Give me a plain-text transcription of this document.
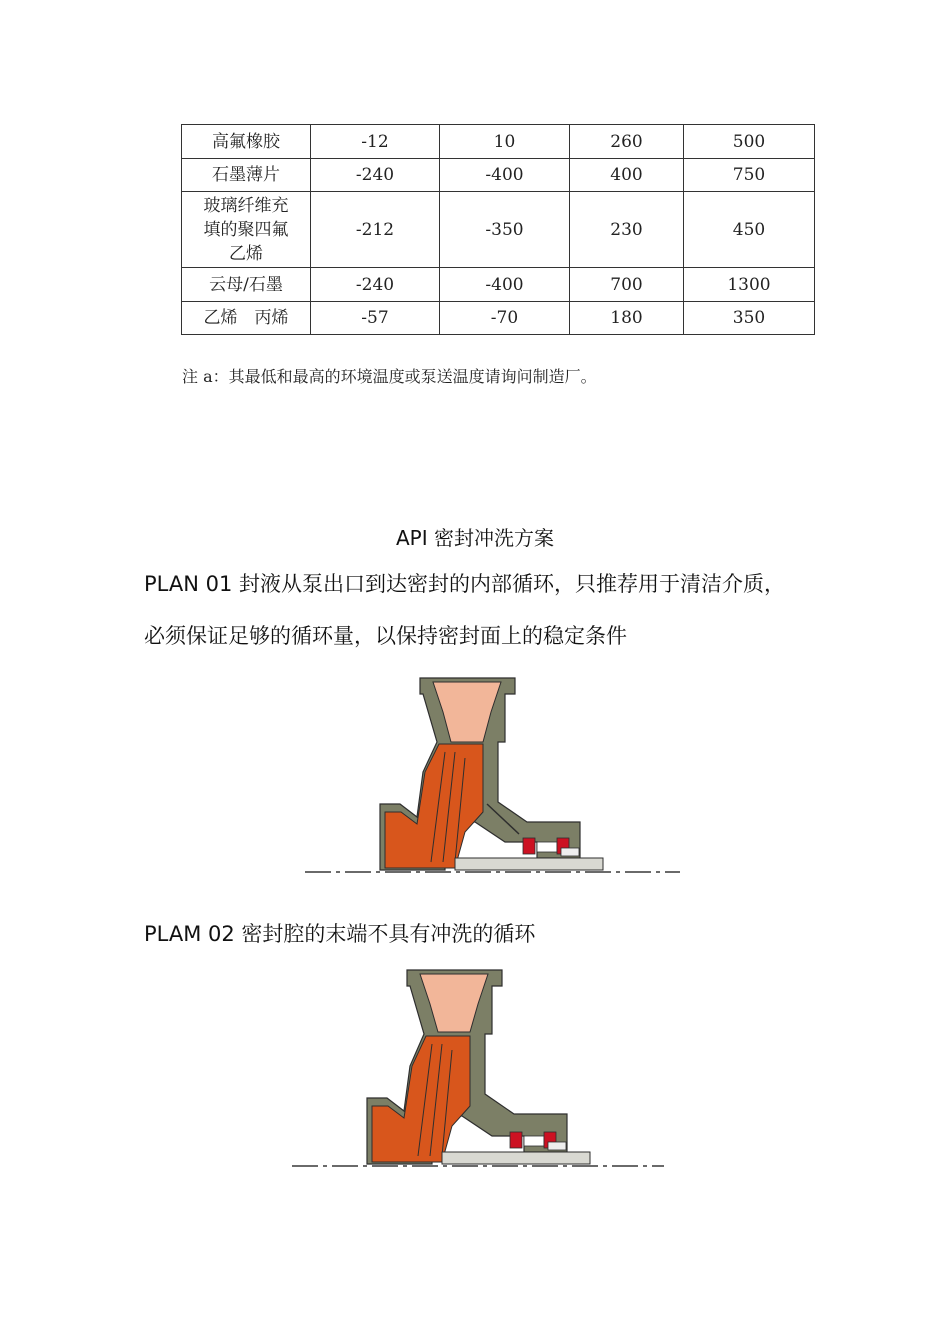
高氟橡胶	-12	10	260	500
石墨薄片	-240	-400	400	750

玻璃纤维充
填的聚四氟
乙烯	-212	-350	230	450
云母/石墨	-240	-400	700	1300
乙烯　丙烯	-57	-70	180	350
注 a：其最低和最高的环境温度或泵送温度请询问制造厂。
API 密封冲洗方案
PLAN 01 封液从泵出口到达密封的内部循环，只推荐用于清洁介质，
必须保证足够的循环量，以保持密封面上的稳定条件
PLAM 02 密封腔的末端不具有冲洗的循环
